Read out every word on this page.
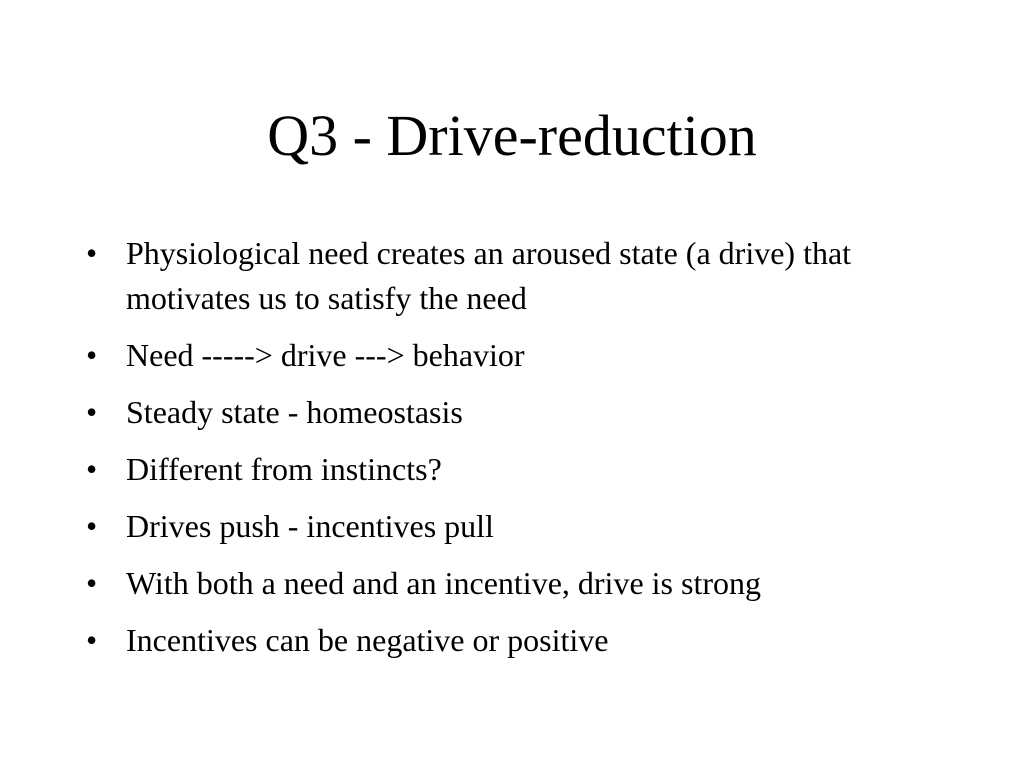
Q3 - Drive-reduction
• Physiological need creates an aroused state (a drive) that motivates us to satisfy the need
• Need -----> drive ---> behavior
• Steady state - homeostasis
• Different from instincts?
• Drives push - incentives pull
• With both a need and an incentive, drive is strong
• Incentives can be negative or positive
